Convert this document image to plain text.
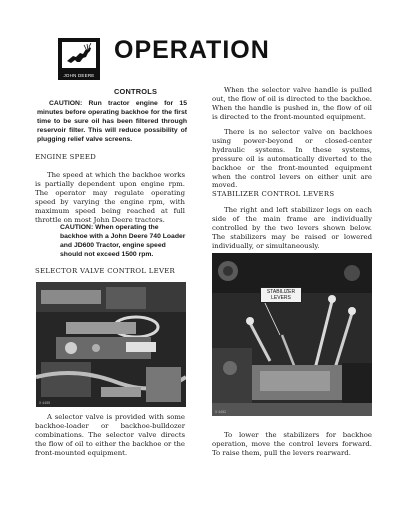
JOHN DEERE
OPERATION
CONTROLS
CAUTION: Run tractor engine for 15 minutes before operating backhoe for the first time to be sure oil has been filtered through reservoir filter. This will reduce possibility of plugging relief valve screens.
ENGINE SPEED
The speed at which the backhoe works is partially dependent upon engine rpm. The operator may regulate operating speed by varying the engine rpm, with maximum speed being reached at full throttle on most John Deere tractors.
CAUTION: When operating the backhoe with a John Deere 740 Loader and JD600 Tractor, engine speed should not exceed 1500 rpm.
SELECTOR VALVE CONTROL LEVER
X 4455
A selector valve is provided with some backhoe-loader or backhoe-bulldozer combinations. The selector valve directs the flow of oil to either the backhoe or the front-mounted equipment.
When the selector valve handle is pulled out, the flow of oil is directed to the backhoe. When the handle is pushed in, the flow of oil is directed to the front-mounted equipment.
There is no selector valve on backhoes using power-beyond or closed-center hydraulic systems. In these systems, pressure oil is automatically diverted to the backhoe or the front-mounted equipment when the control levers on either unit are moved.
STABILIZER CONTROL LEVERS
The right and left stabilizer legs on each side of the main frame are individually controlled by the two levers shown below. The stabilizers may be raised or lowered individually, or simultaneously.
STABILIZER LEVERS
X 4452
To lower the stabilizers for backhoe operation, move the control levers forward. To raise them, pull the levers rearward.
